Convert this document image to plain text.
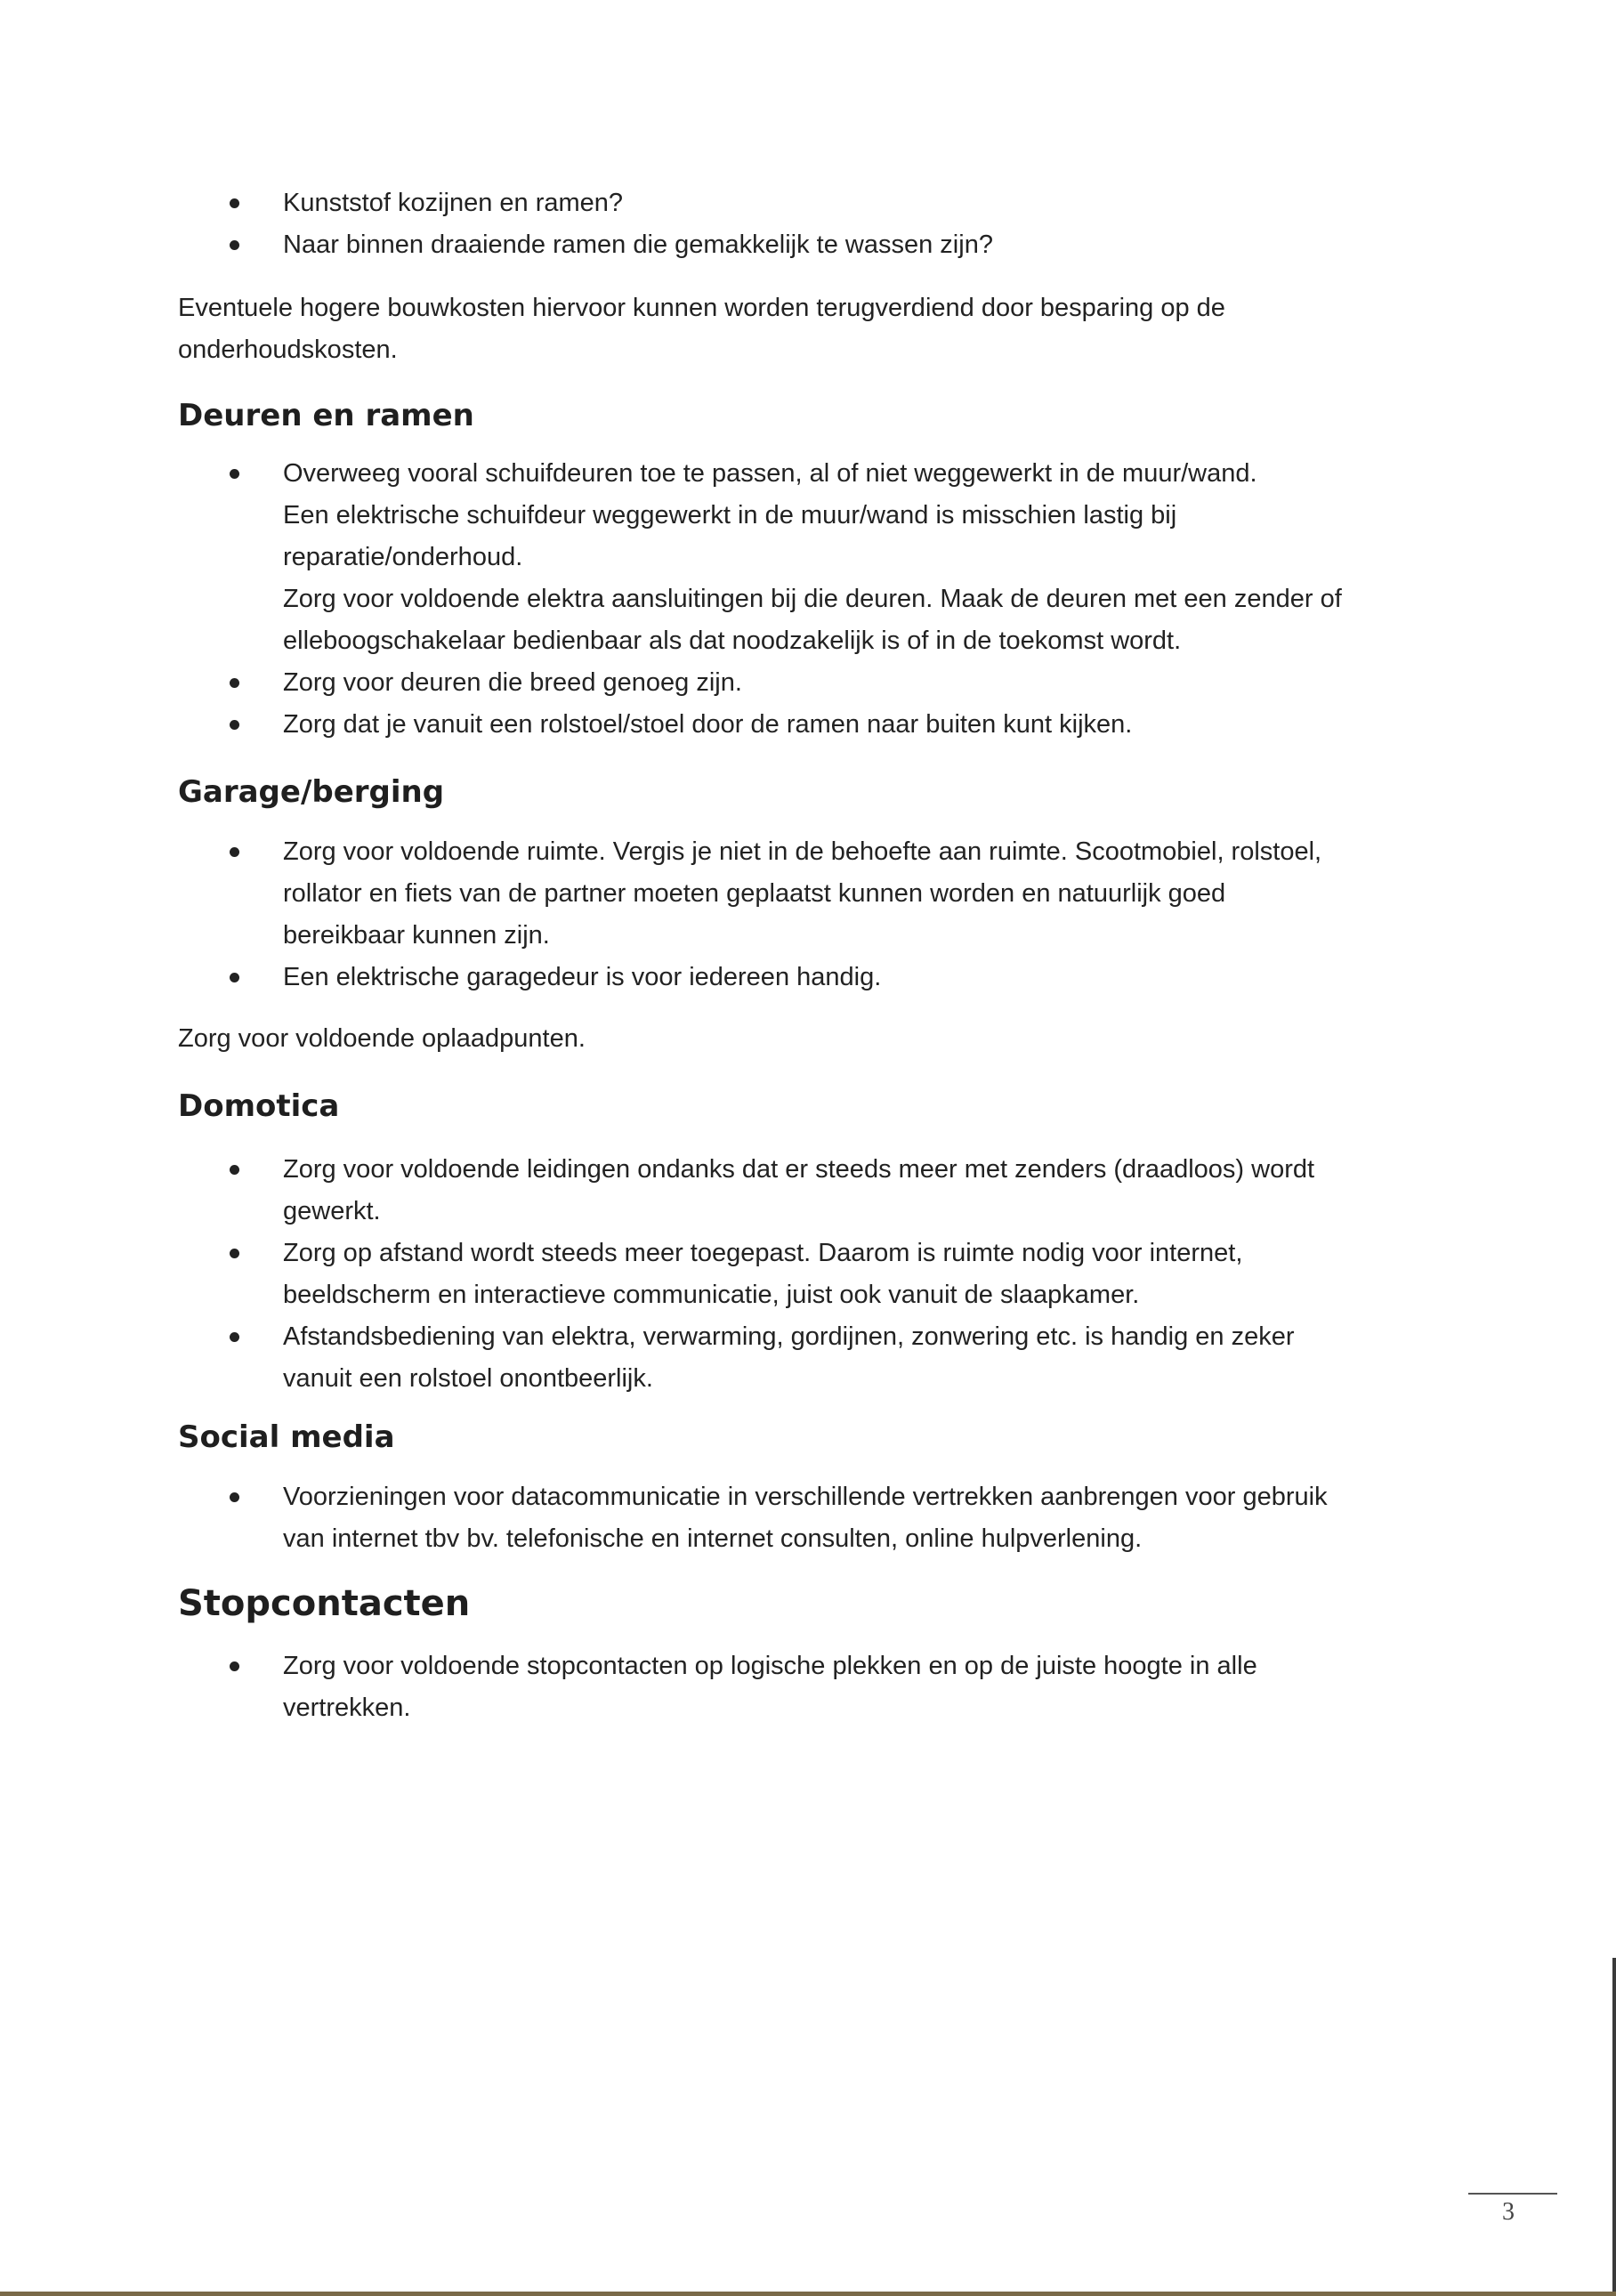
Kunststof kozijnen en ramen?
Naar binnen draaiende ramen die gemakkelijk te wassen zijn?

Eventuele hogere bouwkosten hiervoor kunnen worden terugverdiend door besparing op de
onderhoudskosten.

Deuren en ramen
Overweeg vooral schuifdeuren toe te passen, al of niet weggewerkt in de muur/wand.
Een elektrische schuifdeur weggewerkt in de muur/wand is misschien lastig bij
reparatie/onderhoud.
Zorg voor voldoende elektra aansluitingen bij die deuren. Maak de deuren met een zender of
elleboogschakelaar bedienbaar als dat noodzakelijk is of in de toekomst wordt.
Zorg voor deuren die breed genoeg zijn.
Zorg dat je vanuit een rolstoel/stoel door de ramen naar buiten kunt kijken.
Garage/berging
Zorg voor voldoende ruimte. Vergis je niet in de behoefte aan ruimte. Scootmobiel, rolstoel,
rollator en fiets van de partner moeten geplaatst kunnen worden en natuurlijk goed
bereikbaar kunnen zijn.
Een elektrische garagedeur is voor iedereen handig.

Zorg voor voldoende oplaadpunten.

Domotica
Zorg voor voldoende leidingen ondanks dat er steeds meer met zenders (draadloos) wordt
gewerkt.
Zorg op afstand wordt steeds meer toegepast. Daarom is ruimte nodig voor internet,
beeldscherm en interactieve communicatie, juist ook vanuit de slaapkamer.
Afstandsbediening van elektra, verwarming, gordijnen, zonwering etc. is handig en zeker
vanuit een rolstoel onontbeerlijk.
Social media
Voorzieningen voor datacommunicatie in verschillende vertrekken aanbrengen voor gebruik
van internet tbv bv. telefonische en internet consulten, online hulpverlening.
Stopcontacten
Zorg voor voldoende stopcontacten op logische plekken en op de juiste hoogte in alle
vertrekken.
3
